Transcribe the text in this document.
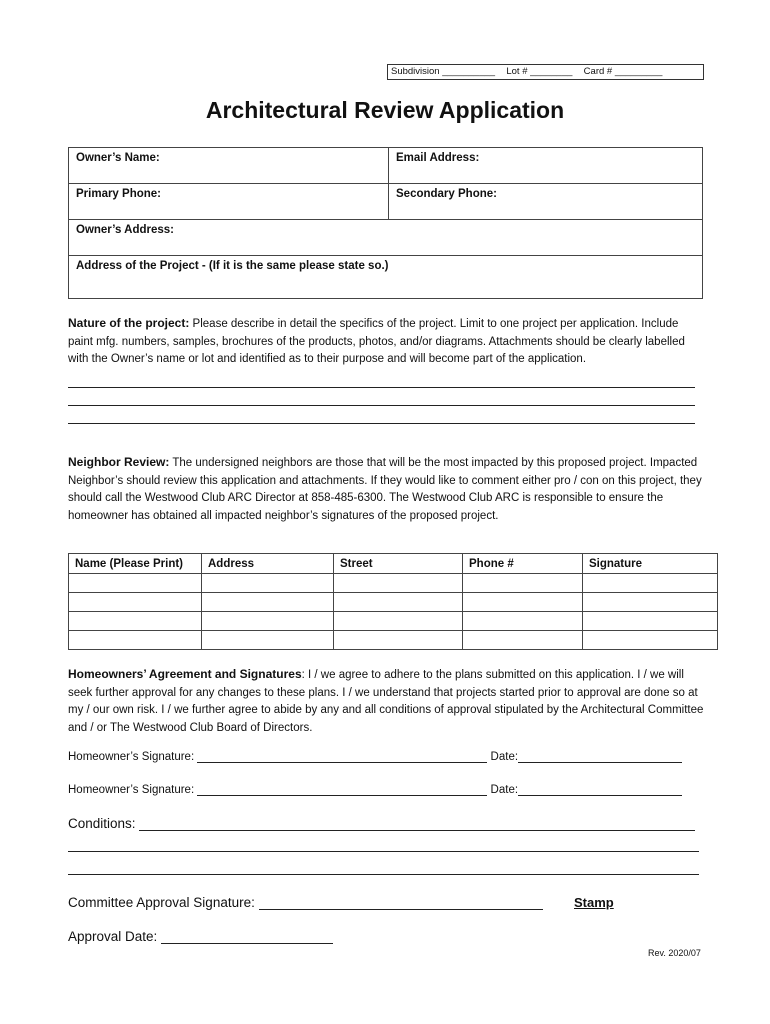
Subdivision __________ Lot # ________ Card # _________
Architectural Review Application
Owner’s Name:	Email Address:
Primary Phone:	Secondary Phone:
Owner’s Address:	
Address of the Project - (If it is the same please state so.)	
Nature of the project: Please describe in detail the specifics of the project. Limit to one project per application. Include paint mfg. numbers, samples, brochures of the products, photos, and/or diagrams. Attachments should be clearly labelled with the Owner’s name or lot and identified as to their purpose and will become part of the application.
Neighbor Review: The undersigned neighbors are those that will be the most impacted by this proposed project. Impacted Neighbor’s should review this application and attachments. If they would like to comment either pro / con on this project, they should call the Westwood Club ARC Director at 858-485-6300. The Westwood Club ARC is responsible to ensure the homeowner has obtained all impacted neighbor’s signatures of the proposed project.
Name (Please Print)	Address	Street	Phone #	Signature

Homeowners’ Agreement and Signatures: I / we agree to adhere to the plans submitted on this application. I / we will seek further approval for any changes to these plans. I / we understand that projects started prior to approval are done so at my / our own risk. I / we further agree to abide by any and all conditions of approval stipulated by the Architectural Committee and / or The Westwood Club Board of Directors.
Homeowner’s Signature:	Date:
Homeowner’s Signature:	Date:
Conditions:
Committee Approval Signature:	Stamp
Approval Date:
Rev. 2020/07
